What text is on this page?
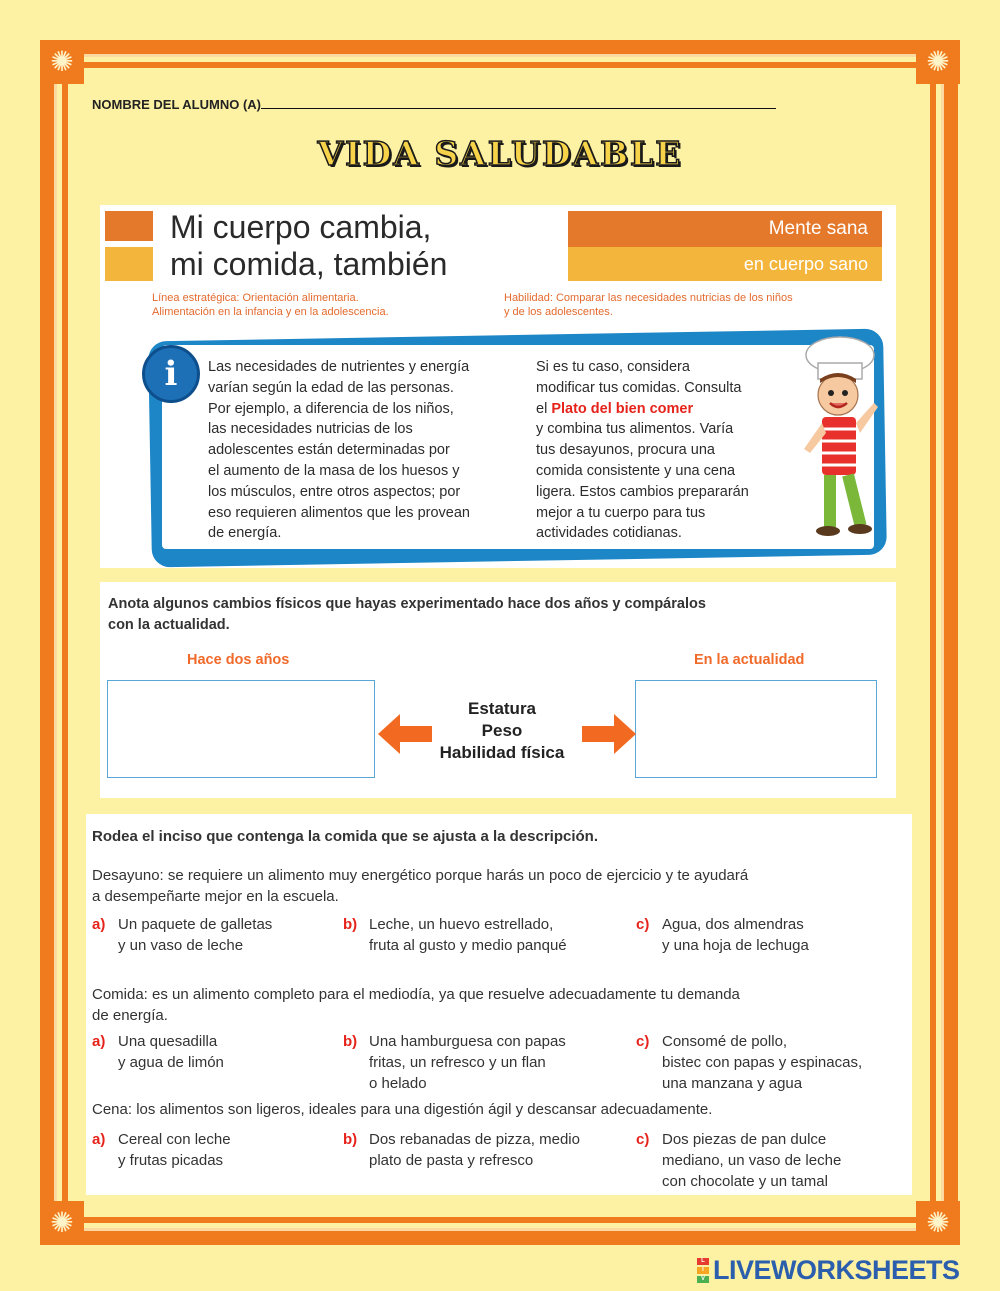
✺	✺
✺	✺
NOMBRE DEL ALUMNO (A)
VIDA SALUDABLE
Mi cuerpo cambia,
mi comida, también
Mente sana
en cuerpo sano
Línea estratégica: Orientación alimentaria.
Alimentación en la infancia y en la adolescencia.
Habilidad: Comparar las necesidades nutricias de los niños
y de los adolescentes.
i	Las necesidades de nutrientes y energía
varían según la edad de las personas.
Por ejemplo, a diferencia de los niños,
las necesidades nutricias de los
adolescentes están determinadas por
el aumento de la masa de los huesos y
los músculos, entre otros aspectos; por
eso requieren alimentos que les provean
de energía.
Si es tu caso, considera
modificar tus comidas. Consulta
el Plato del bien comer
y combina tus alimentos. Varía
tus desayunos, procura una
comida consistente y una cena
ligera. Estos cambios prepararán
mejor a tu cuerpo para tus
actividades cotidianas.
Anota algunos cambios físicos que hayas experimentado hace dos años y compáralos
con la actualidad.
Hace dos años	En la actualidad
Estatura
Peso
Habilidad física
Rodea el inciso que contenga la comida que se ajusta a la descripción.
Desayuno: se requiere un alimento muy energético porque harás un poco de ejercicio y te ayudará
a desempeñarte mejor en la escuela.
a) Un paquete de galletas
y un vaso de leche
b) Leche, un huevo estrellado,
fruta al gusto y medio panqué
c) Agua, dos almendras
y una hoja de lechuga
Comida: es un alimento completo para el mediodía, ya que resuelve adecuadamente tu demanda
de energía.
a) Una quesadilla
y agua de limón
b) Una hamburguesa con papas
fritas, un refresco y un flan
o helado
c) Consomé de pollo,
bistec con papas y espinacas,
una manzana y agua
Cena: los alimentos son ligeros, ideales para una digestión ágil y descansar adecuadamente.
a) Cereal con leche
y frutas picadas
b) Dos rebanadas de pizza, medio
plato de pasta y refresco
c) Dos piezas de pan dulce
mediano, un vaso de leche
con chocolate y un tamal
L
I
V LIVEWORKSHEETS
